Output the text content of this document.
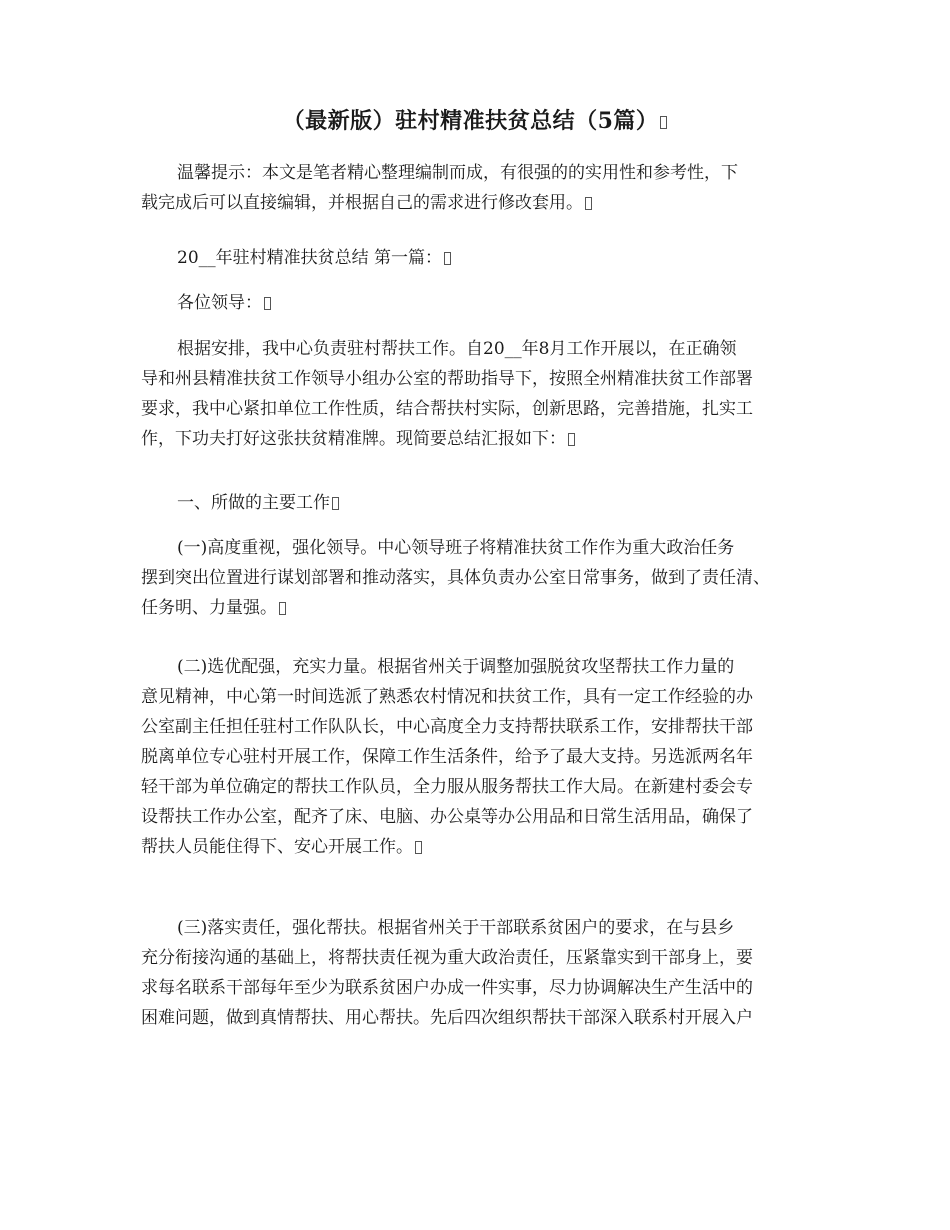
（最新版）驻村精准扶贫总结（5篇）
温馨提示：本文是笔者精心整理编制而成，有很强的的实用性和参考性，下
载完成后可以直接编辑，并根据自己的需求进行修改套用。
20__年驻村精准扶贫总结 第一篇：
各位领导：
根据安排，我中心负责驻村帮扶工作。自20__年8月工作开展以，在正确领
导和州县精准扶贫工作领导小组办公室的帮助指导下，按照全州精准扶贫工作部署
要求，我中心紧扣单位工作性质，结合帮扶村实际，创新思路，完善措施，扎实工
作，下功夫打好这张扶贫精准牌。现简要总结汇报如下：
一、所做的主要工作
(一)高度重视，强化领导。中心领导班子将精准扶贫工作作为重大政治任务
摆到突出位置进行谋划部署和推动落实，具体负责办公室日常事务，做到了责任清、
任务明、力量强。
(二)选优配强，充实力量。根据省州关于调整加强脱贫攻坚帮扶工作力量的
意见精神，中心第一时间选派了熟悉农村情况和扶贫工作，具有一定工作经验的办
公室副主任担任驻村工作队队长，中心高度全力支持帮扶联系工作，安排帮扶干部
脱离单位专心驻村开展工作，保障工作生活条件，给予了最大支持。另选派两名年
轻干部为单位确定的帮扶工作队员，全力服从服务帮扶工作大局。在新建村委会专
设帮扶工作办公室，配齐了床、电脑、办公桌等办公用品和日常生活用品，确保了
帮扶人员能住得下、安心开展工作。
(三)落实责任，强化帮扶。根据省州关于干部联系贫困户的要求，在与县乡
充分衔接沟通的基础上，将帮扶责任视为重大政治责任，压紧靠实到干部身上，要
求每名联系干部每年至少为联系贫困户办成一件实事，尽力协调解决生产生活中的
困难问题，做到真情帮扶、用心帮扶。先后四次组织帮扶干部深入联系村开展入户
